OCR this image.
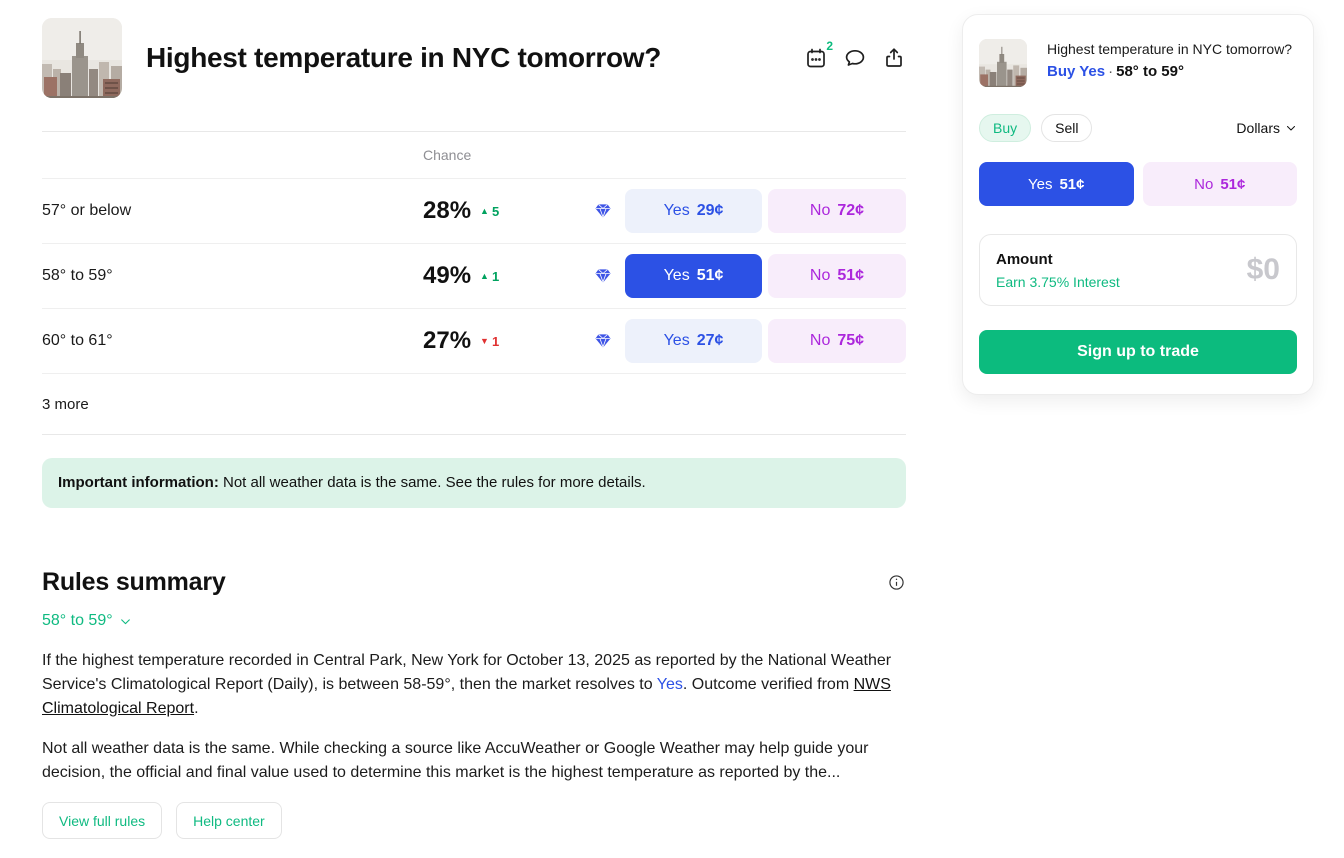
Highest temperature in NYC tomorrow?	2
Chance
57° or below	28% ▲ 5	Yes 29¢	No 72¢
58° to 59°	49% ▲ 1	Yes 51¢	No 51¢
60° to 61°	27% ▼ 1	Yes 27¢	No 75¢
3 more
Important information: Not all weather data is the same. See the rules for more details.
Rules summary
58° to 59°

If the highest temperature recorded in Central Park, New York for October 13, 2025 as reported by the National Weather Service's Climatological Report (Daily), is between 58-59°, then the market resolves to Yes. Outcome verified from NWS Climatological Report.

Not all weather data is the same. While checking a source like AccuWeather or Google Weather may help guide your decision, the official and final value used to determine this market is the highest temperature as reported by the...

View full rules	Help center
Highest temperature in NYC tomorrow?
Buy Yes · 58° to 59°
Buy	Sell	Dollars
Yes 51¢	No 51¢
Amount
Earn 3.75% Interest	$0
Sign up to trade
